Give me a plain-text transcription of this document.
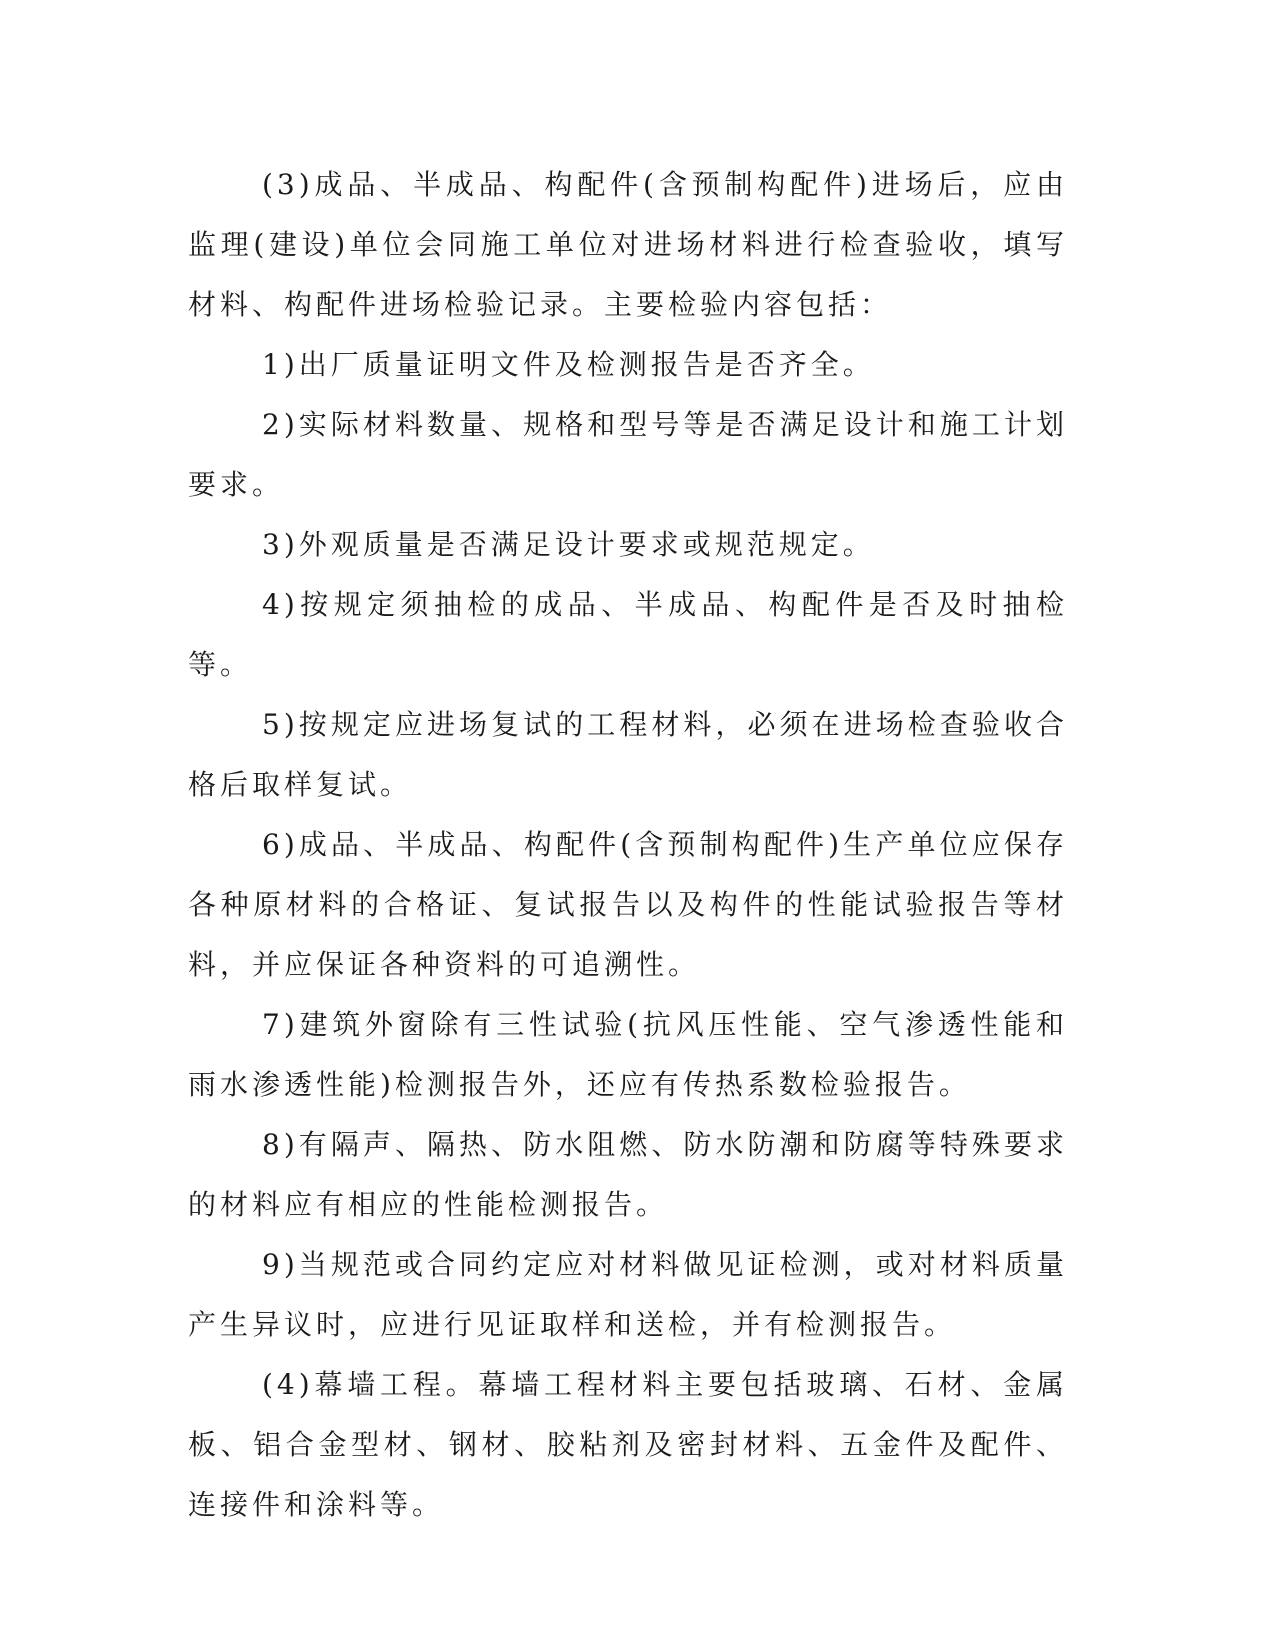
(3)成品、半成品、构配件(含预制构配件)进场后，应由监理(建设)单位会同施工单位对进场材料进行检查验收，填写材料、构配件进场检验记录。主要检验内容包括：

1)出厂质量证明文件及检测报告是否齐全。

2)实际材料数量、规格和型号等是否满足设计和施工计划要求。

3)外观质量是否满足设计要求或规范规定。

4)按规定须抽检的成品、半成品、构配件是否及时抽检等。

5)按规定应进场复试的工程材料，必须在进场检查验收合格后取样复试。

6)成品、半成品、构配件(含预制构配件)生产单位应保存各种原材料的合格证、复试报告以及构件的性能试验报告等材料，并应保证各种资料的可追溯性。

7)建筑外窗除有三性试验(抗风压性能、空气渗透性能和雨水渗透性能)检测报告外，还应有传热系数检验报告。

8)有隔声、隔热、防水阻燃、防水防潮和防腐等特殊要求的材料应有相应的性能检测报告。

9)当规范或合同约定应对材料做见证检测，或对材料质量产生异议时，应进行见证取样和送检，并有检测报告。

(4)幕墙工程。幕墙工程材料主要包括玻璃、石材、金属板、铝合金型材、钢材、胶粘剂及密封材料、五金件及配件、连接件和涂料等。
